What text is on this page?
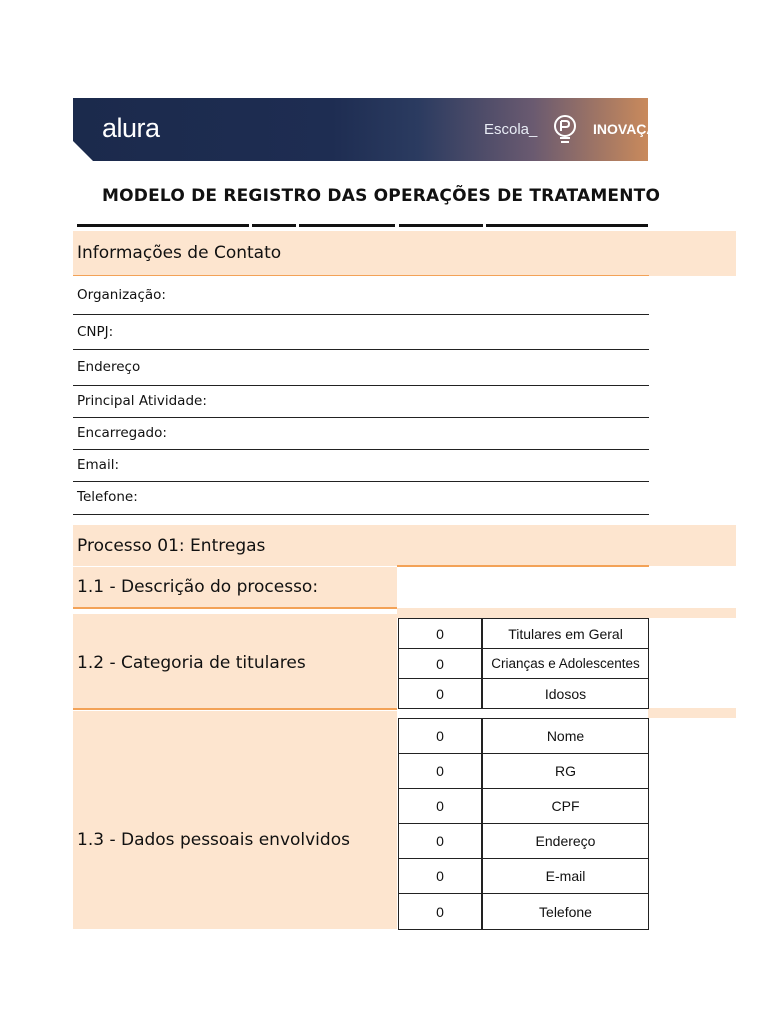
alura	Escola_	INOVAÇÃO
MODELO DE REGISTRO DAS OPERAÇÕES DE TRATAMENTO
Informações de Contato
Organização:
CNPJ:
Endereço
Principal Atividade:
Encarregado:
Email:
Telefone:
Processo 01: Entregas
1.1 - Descrição do processo:
1.2 - Categoria de titulares
0	Titulares em Geral
0	Crianças e Adolescentes
0	Idosos
1.3 - Dados pessoais envolvidos
0	Nome
0	RG
0	CPF
0	Endereço
0	E-mail
0	Telefone
